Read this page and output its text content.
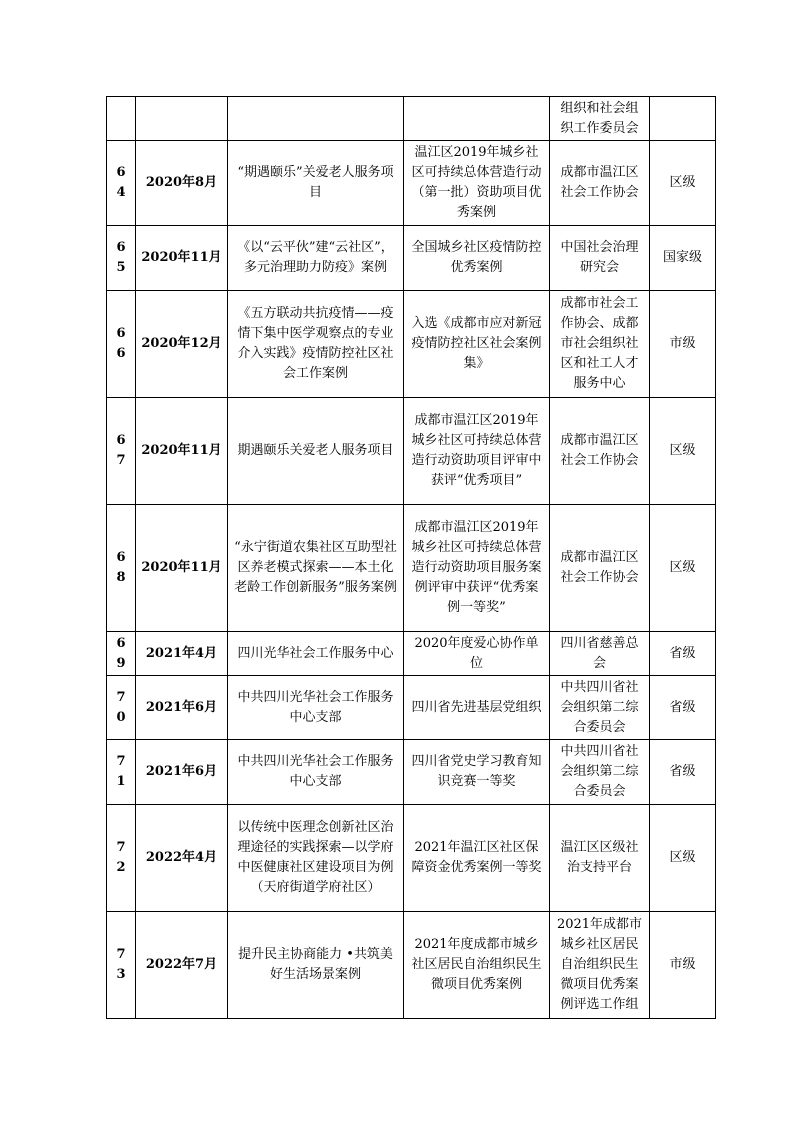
				组织和社会组织工作委员会	
64	2020年8月	“期遇颐乐”关爱老人服务项目	温江区2019年城乡社区可持续总体营造行动（第一批）资助项目优秀案例	成都市温江区社会工作协会	区级
65	2020年11月	《以“云平伙”建“云社区”，多元治理助力防疫》案例	全国城乡社区疫情防控优秀案例	中国社会治理研究会	国家级
66	2020年12月	《五方联动共抗疫情——疫情下集中医学观察点的专业介入实践》疫情防控社区社会工作案例	入选《成都市应对新冠疫情防控社区社会案例集》	成都市社会工作协会、成都市社会组织社区和社工人才服务中心	市级
67	2020年11月	期遇颐乐关爱老人服务项目	成都市温江区2019年城乡社区可持续总体营造行动资助项目评审中获评“优秀项目”	成都市温江区社会工作协会	区级
68	2020年11月	“永宁街道农集社区互助型社区养老模式探索——本土化老龄工作创新服务”服务案例	成都市温江区2019年城乡社区可持续总体营造行动资助项目服务案例评审中获评“优秀案例一等奖”	成都市温江区社会工作协会	区级
69	2021年4月	四川光华社会工作服务中心	2020年度爱心协作单位	四川省慈善总会	省级
70	2021年6月	中共四川光华社会工作服务中心支部	四川省先进基层党组织	中共四川省社会组织第二综合委员会	省级
71	2021年6月	中共四川光华社会工作服务中心支部	四川省党史学习教育知识竞赛一等奖	中共四川省社会组织第二综合委员会	省级
72	2022年4月	以传统中医理念创新社区治理途径的实践探索—以学府中医健康社区建设项目为例（天府街道学府社区）	2021年温江区社区保障资金优秀案例一等奖	温江区区级社治支持平台	区级
73	2022年7月	提升民主协商能力 •共筑美好生活场景案例	2021年度成都市城乡社区居民自治组织民生微项目优秀案例	2021年成都市城乡社区居民自治组织民生微项目优秀案例评选工作组	市级
